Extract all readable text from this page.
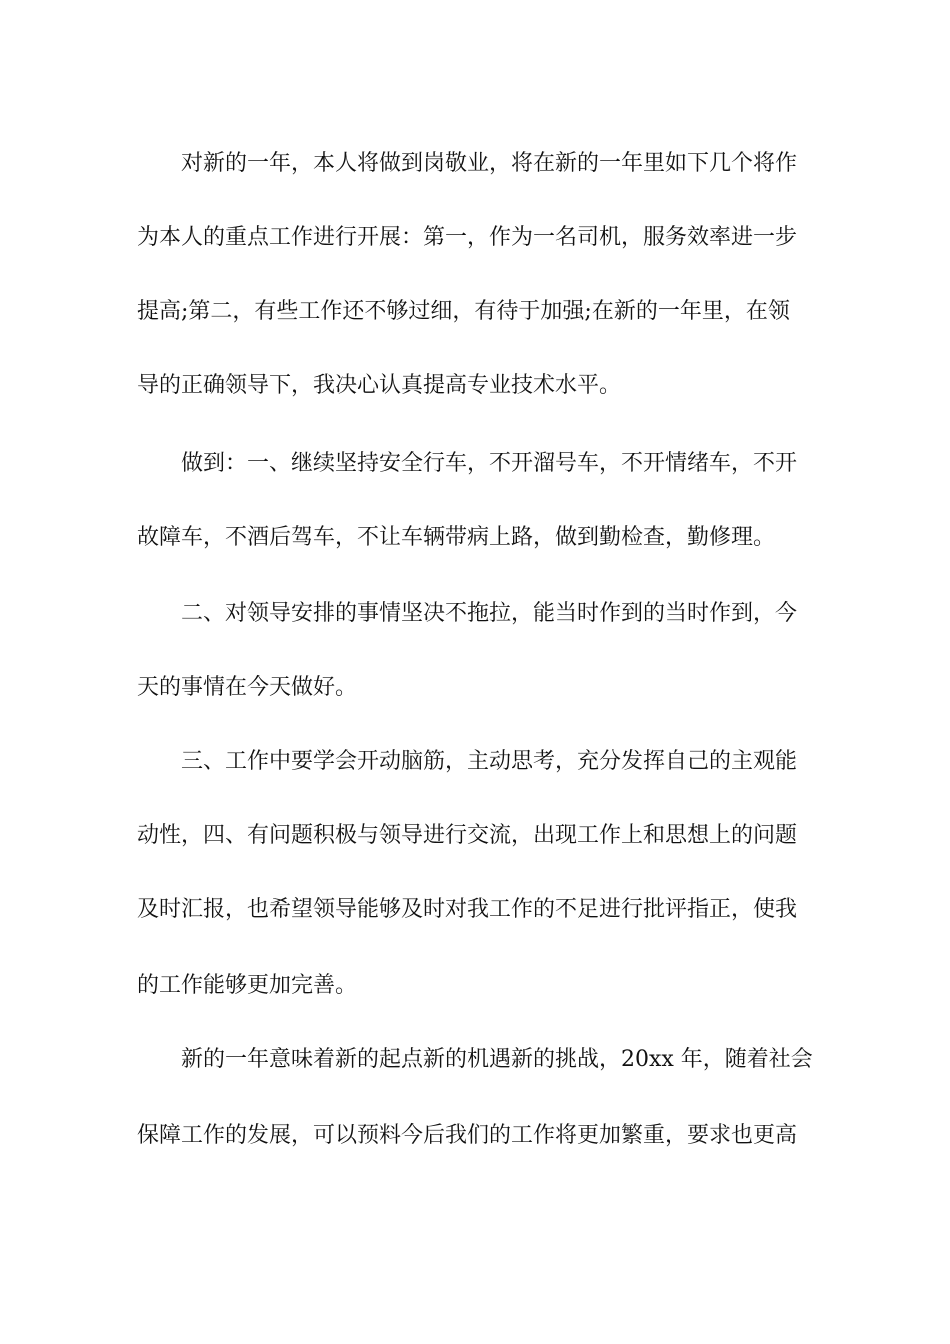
对新的一年，本人将做到岗敬业，将在新的一年里如下几个将作
为本人的重点工作进行开展：第一，作为一名司机，服务效率进一步
提高;第二，有些工作还不够过细，有待于加强;在新的一年里，在领
导的正确领导下，我决心认真提高专业技术水平。
做到：一、继续坚持安全行车，不开溜号车，不开情绪车，不开
故障车，不酒后驾车，不让车辆带病上路，做到勤检查，勤修理。
二、对领导安排的事情坚决不拖拉，能当时作到的当时作到，今
天的事情在今天做好。
三、工作中要学会开动脑筋，主动思考，充分发挥自己的主观能
动性，四、有问题积极与领导进行交流，出现工作上和思想上的问题
及时汇报，也希望领导能够及时对我工作的不足进行批评指正，使我
的工作能够更加完善。
新的一年意味着新的起点新的机遇新的挑战，20xx 年，随着社会
保障工作的发展，可以预料今后我们的工作将更加繁重，要求也更高
